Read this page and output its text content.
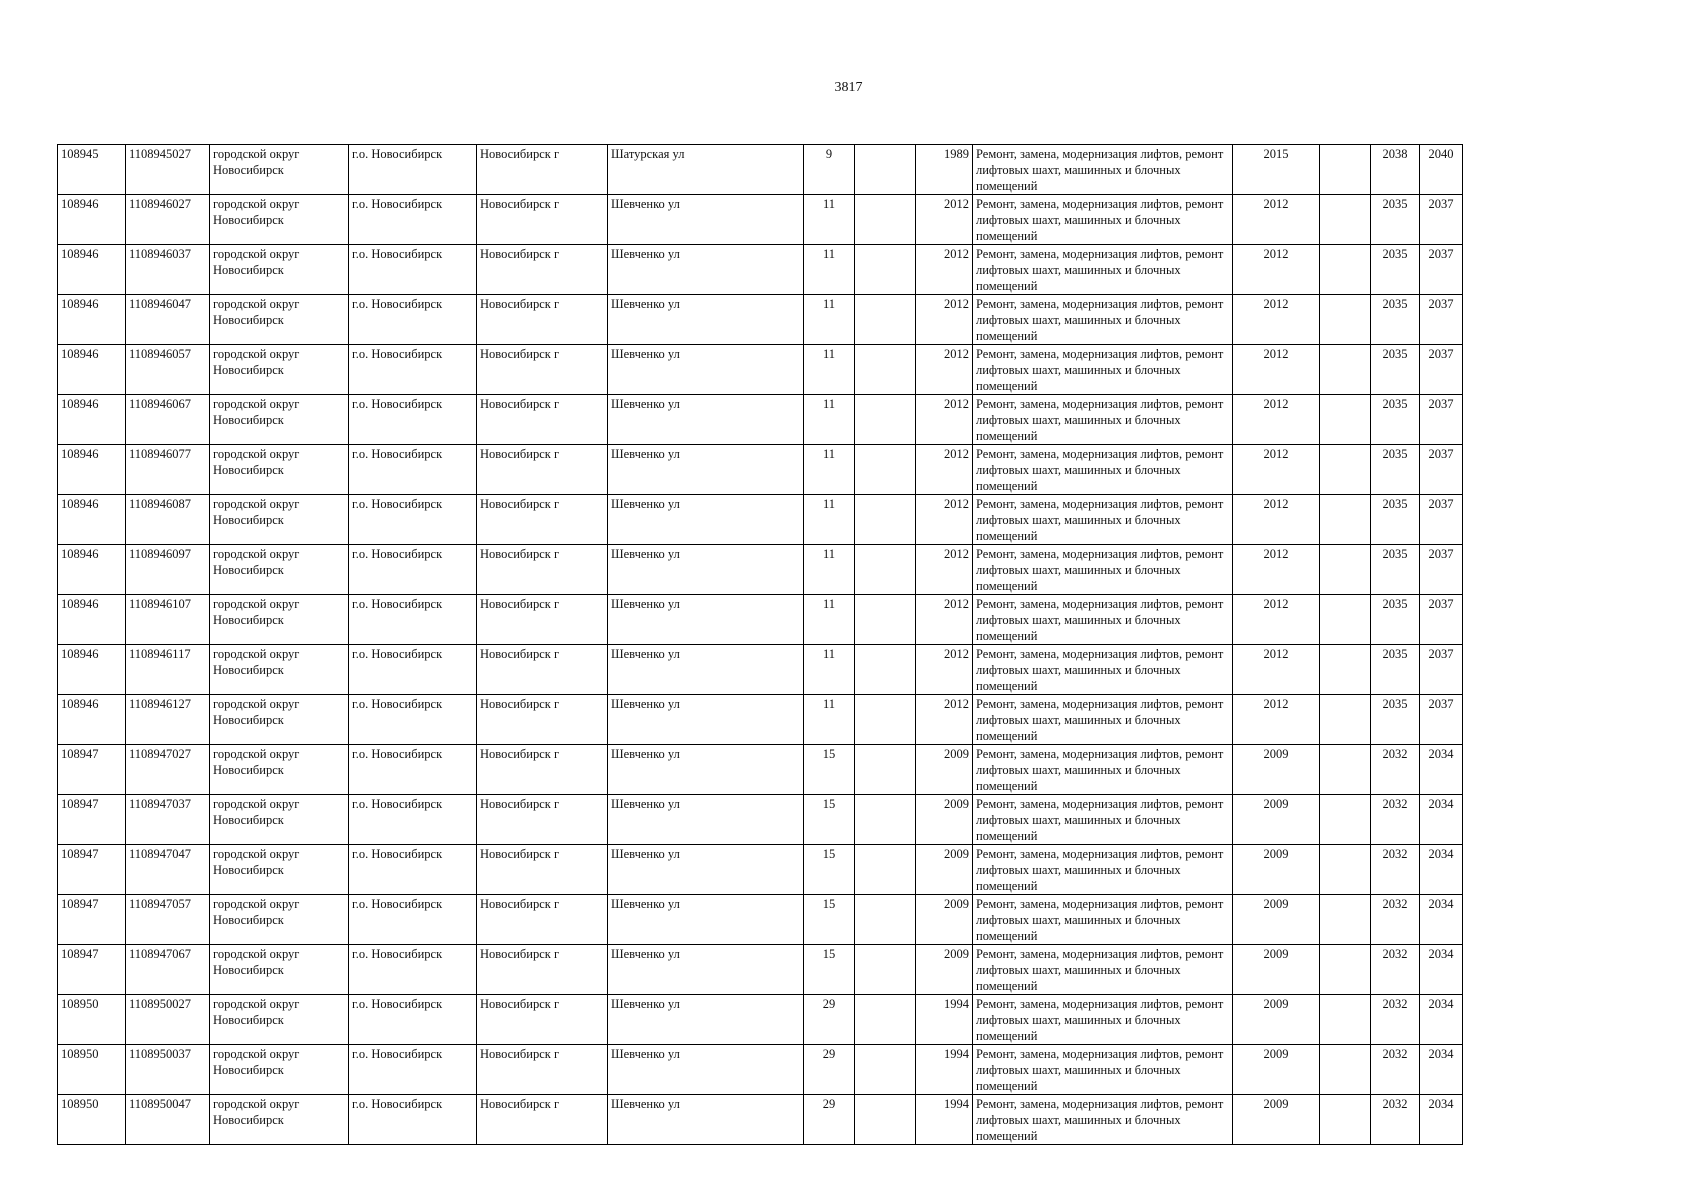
3817
108945	1108945027	городской округ Новосибирск	г.о. Новосибирск	Новосибирск г	Шатурская ул	9		1989	Ремонт, замена, модернизация лифтов, ремонт лифтовых шахт, машинных и блочных помещений	2015		2038	2040
108946	1108946027	городской округ Новосибирск	г.о. Новосибирск	Новосибирск г	Шевченко ул	11		2012	Ремонт, замена, модернизация лифтов, ремонт лифтовых шахт, машинных и блочных помещений	2012		2035	2037
108946	1108946037	городской округ Новосибирск	г.о. Новосибирск	Новосибирск г	Шевченко ул	11		2012	Ремонт, замена, модернизация лифтов, ремонт лифтовых шахт, машинных и блочных помещений	2012		2035	2037
108946	1108946047	городской округ Новосибирск	г.о. Новосибирск	Новосибирск г	Шевченко ул	11		2012	Ремонт, замена, модернизация лифтов, ремонт лифтовых шахт, машинных и блочных помещений	2012		2035	2037
108946	1108946057	городской округ Новосибирск	г.о. Новосибирск	Новосибирск г	Шевченко ул	11		2012	Ремонт, замена, модернизация лифтов, ремонт лифтовых шахт, машинных и блочных помещений	2012		2035	2037
108946	1108946067	городской округ Новосибирск	г.о. Новосибирск	Новосибирск г	Шевченко ул	11		2012	Ремонт, замена, модернизация лифтов, ремонт лифтовых шахт, машинных и блочных помещений	2012		2035	2037
108946	1108946077	городской округ Новосибирск	г.о. Новосибирск	Новосибирск г	Шевченко ул	11		2012	Ремонт, замена, модернизация лифтов, ремонт лифтовых шахт, машинных и блочных помещений	2012		2035	2037
108946	1108946087	городской округ Новосибирск	г.о. Новосибирск	Новосибирск г	Шевченко ул	11		2012	Ремонт, замена, модернизация лифтов, ремонт лифтовых шахт, машинных и блочных помещений	2012		2035	2037
108946	1108946097	городской округ Новосибирск	г.о. Новосибирск	Новосибирск г	Шевченко ул	11		2012	Ремонт, замена, модернизация лифтов, ремонт лифтовых шахт, машинных и блочных помещений	2012		2035	2037
108946	1108946107	городской округ Новосибирск	г.о. Новосибирск	Новосибирск г	Шевченко ул	11		2012	Ремонт, замена, модернизация лифтов, ремонт лифтовых шахт, машинных и блочных помещений	2012		2035	2037
108946	1108946117	городской округ Новосибирск	г.о. Новосибирск	Новосибирск г	Шевченко ул	11		2012	Ремонт, замена, модернизация лифтов, ремонт лифтовых шахт, машинных и блочных помещений	2012		2035	2037
108946	1108946127	городской округ Новосибирск	г.о. Новосибирск	Новосибирск г	Шевченко ул	11		2012	Ремонт, замена, модернизация лифтов, ремонт лифтовых шахт, машинных и блочных помещений	2012		2035	2037
108947	1108947027	городской округ Новосибирск	г.о. Новосибирск	Новосибирск г	Шевченко ул	15		2009	Ремонт, замена, модернизация лифтов, ремонт лифтовых шахт, машинных и блочных помещений	2009		2032	2034
108947	1108947037	городской округ Новосибирск	г.о. Новосибирск	Новосибирск г	Шевченко ул	15		2009	Ремонт, замена, модернизация лифтов, ремонт лифтовых шахт, машинных и блочных помещений	2009		2032	2034
108947	1108947047	городской округ Новосибирск	г.о. Новосибирск	Новосибирск г	Шевченко ул	15		2009	Ремонт, замена, модернизация лифтов, ремонт лифтовых шахт, машинных и блочных помещений	2009		2032	2034
108947	1108947057	городской округ Новосибирск	г.о. Новосибирск	Новосибирск г	Шевченко ул	15		2009	Ремонт, замена, модернизация лифтов, ремонт лифтовых шахт, машинных и блочных помещений	2009		2032	2034
108947	1108947067	городской округ Новосибирск	г.о. Новосибирск	Новосибирск г	Шевченко ул	15		2009	Ремонт, замена, модернизация лифтов, ремонт лифтовых шахт, машинных и блочных помещений	2009		2032	2034
108950	1108950027	городской округ Новосибирск	г.о. Новосибирск	Новосибирск г	Шевченко ул	29		1994	Ремонт, замена, модернизация лифтов, ремонт лифтовых шахт, машинных и блочных помещений	2009		2032	2034
108950	1108950037	городской округ Новосибирск	г.о. Новосибирск	Новосибирск г	Шевченко ул	29		1994	Ремонт, замена, модернизация лифтов, ремонт лифтовых шахт, машинных и блочных помещений	2009		2032	2034
108950	1108950047	городской округ Новосибирск	г.о. Новосибирск	Новосибирск г	Шевченко ул	29		1994	Ремонт, замена, модернизация лифтов, ремонт лифтовых шахт, машинных и блочных помещений	2009		2032	2034
